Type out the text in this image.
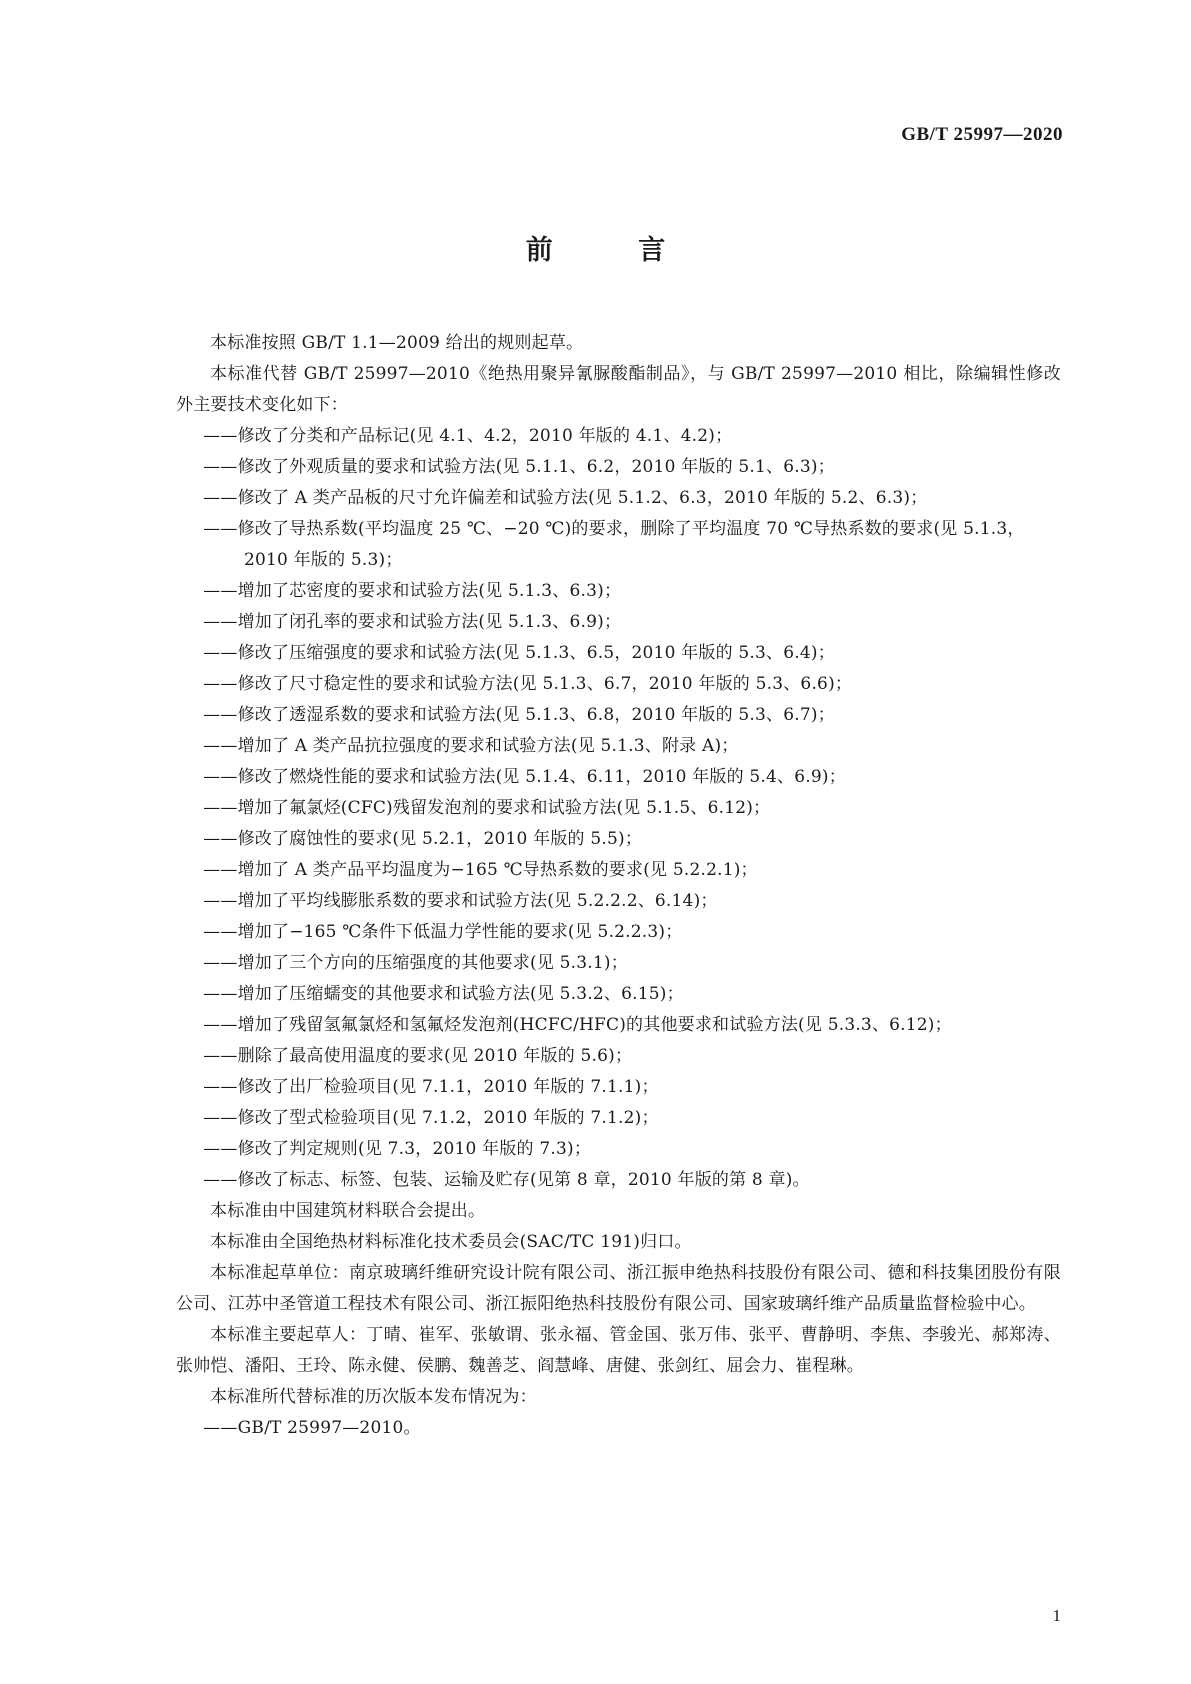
GB/T 25997—2020
前 言

本标准按照 GB/T 1.1—2009 给出的规则起草。

本标准代替 GB/T 25997—2010《绝热用聚异氰脲酸酯制品》，与 GB/T 25997—2010 相比，除编辑性修改外主要技术变化如下：

——修改了分类和产品标记(见 4.1、4.2，2010 年版的 4.1、4.2)；

——修改了外观质量的要求和试验方法(见 5.1.1、6.2，2010 年版的 5.1、6.3)；

——修改了 A 类产品板的尺寸允许偏差和试验方法(见 5.1.2、6.3，2010 年版的 5.2、6.3)；

——修改了导热系数(平均温度 25 ℃、−20 ℃)的要求，删除了平均温度 70 ℃导热系数的要求(见 5.1.3，2010 年版的 5.3)；

——增加了芯密度的要求和试验方法(见 5.1.3、6.3)；

——增加了闭孔率的要求和试验方法(见 5.1.3、6.9)；

——修改了压缩强度的要求和试验方法(见 5.1.3、6.5，2010 年版的 5.3、6.4)；

——修改了尺寸稳定性的要求和试验方法(见 5.1.3、6.7，2010 年版的 5.3、6.6)；

——修改了透湿系数的要求和试验方法(见 5.1.3、6.8，2010 年版的 5.3、6.7)；

——增加了 A 类产品抗拉强度的要求和试验方法(见 5.1.3、附录 A)；

——修改了燃烧性能的要求和试验方法(见 5.1.4、6.11，2010 年版的 5.4、6.9)；

——增加了氟氯烃(CFC)残留发泡剂的要求和试验方法(见 5.1.5、6.12)；

——修改了腐蚀性的要求(见 5.2.1，2010 年版的 5.5)；

——增加了 A 类产品平均温度为−165 ℃导热系数的要求(见 5.2.2.1)；

——增加了平均线膨胀系数的要求和试验方法(见 5.2.2.2、6.14)；

——增加了−165 ℃条件下低温力学性能的要求(见 5.2.2.3)；

——增加了三个方向的压缩强度的其他要求(见 5.3.1)；

——增加了压缩蠕变的其他要求和试验方法(见 5.3.2、6.15)；

——增加了残留氢氟氯烃和氢氟烃发泡剂(HCFC/HFC)的其他要求和试验方法(见 5.3.3、6.12)；

——删除了最高使用温度的要求(见 2010 年版的 5.6)；

——修改了出厂检验项目(见 7.1.1，2010 年版的 7.1.1)；

——修改了型式检验项目(见 7.1.2，2010 年版的 7.1.2)；

——修改了判定规则(见 7.3，2010 年版的 7.3)；

——修改了标志、标签、包装、运输及贮存(见第 8 章，2010 年版的第 8 章)。

本标准由中国建筑材料联合会提出。

本标准由全国绝热材料标准化技术委员会(SAC/TC 191)归口。

本标准起草单位：南京玻璃纤维研究设计院有限公司、浙江振申绝热科技股份有限公司、德和科技集团股份有限公司、江苏中圣管道工程技术有限公司、浙江振阳绝热科技股份有限公司、国家玻璃纤维产品质量监督检验中心。

本标准主要起草人：丁晴、崔军、张敏谓、张永福、管金国、张万伟、张平、曹静明、李焦、李骏光、郝郑涛、张帅恺、潘阳、王玲、陈永健、侯鹏、魏善芝、阎慧峰、唐健、张剑红、屈会力、崔程琳。

本标准所代替标准的历次版本发布情况为：

——GB/T 25997—2010。

1
